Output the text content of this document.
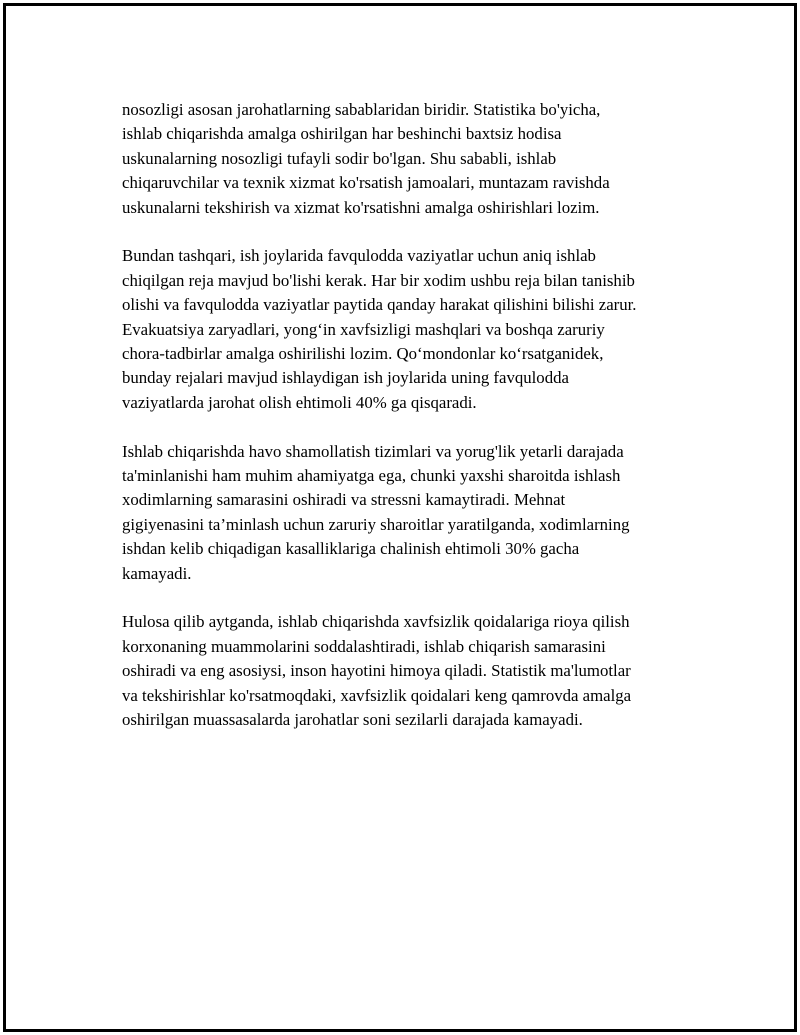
nosozligi asosan jarohatlarning sabablaridan biridir. Statistika bo'yicha,
ishlab chiqarishda amalga oshirilgan har beshinchi baxtsiz hodisa
uskunalarning nosozligi tufayli sodir bo'lgan. Shu sababli, ishlab
chiqaruvchilar va texnik xizmat ko'rsatish jamoalari, muntazam ravishda
uskunalarni tekshirish va xizmat ko'rsatishni amalga oshirishlari lozim.

Bundan tashqari, ish joylarida favqulodda vaziyatlar uchun aniq ishlab
chiqilgan reja mavjud bo'lishi kerak. Har bir xodim ushbu reja bilan tanishib
olishi va favqulodda vaziyatlar paytida qanday harakat qilishini bilishi zarur.
Evakuatsiya zaryadlari, yong‘in xavfsizligi mashqlari va boshqa zaruriy
chora-tadbirlar amalga oshirilishi lozim. Qo‘mondonlar ko‘rsatganidek,
bunday rejalari mavjud ishlaydigan ish joylarida uning favqulodda
vaziyatlarda jarohat olish ehtimoli 40% ga qisqaradi.

Ishlab chiqarishda havo shamollatish tizimlari va yorug'lik yetarli darajada
ta'minlanishi ham muhim ahamiyatga ega, chunki yaxshi sharoitda ishlash
xodimlarning samarasini oshiradi va stressni kamaytiradi. Mehnat
gigiyenasini ta’minlash uchun zaruriy sharoitlar yaratilganda, xodimlarning
ishdan kelib chiqadigan kasalliklariga chalinish ehtimoli 30% gacha
kamayadi.

Hulosa qilib aytganda, ishlab chiqarishda xavfsizlik qoidalariga rioya qilish
korxonaning muammolarini soddalashtiradi, ishlab chiqarish samarasini
oshiradi va eng asosiysi, inson hayotini himoya qiladi. Statistik ma'lumotlar
va tekshirishlar ko'rsatmoqdaki, xavfsizlik qoidalari keng qamrovda amalga
oshirilgan muassasalarda jarohatlar soni sezilarli darajada kamayadi.
